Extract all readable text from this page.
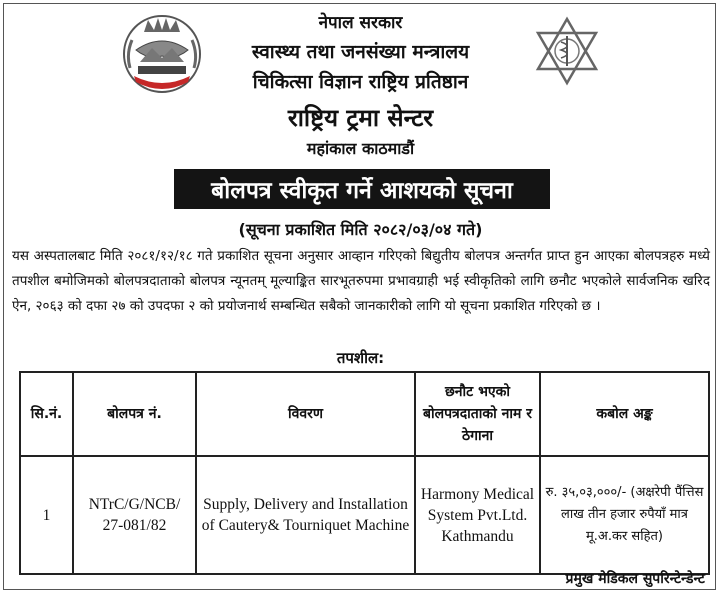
नेपाल सरकार
स्वास्थ्य तथा जनसंख्या मन्त्रालय
चिकित्सा विज्ञान राष्ट्रिय प्रतिष्ठान
राष्ट्रिय ट्रमा सेन्टर
महांकाल काठमाडौं
बोलपत्र स्वीकृत गर्ने आशयको सूचना
(सूचना प्रकाशित मिति २०८२/०३/०४ गते)
यस अस्पतालबाट मिति २०८१/१२/१८ गते प्रकाशित सूचना अनुसार आव्हान गरिएको बिद्युतीय बोलपत्र अन्तर्गत प्राप्त हुन आएका बोलपत्रहरु मध्ये तपशील बमोजिमको बोलपत्रदाताको बोलपत्र न्यूनतम् मूल्याङ्कित सारभूतरुपमा प्रभावग्राही भई स्वीकृतिको लागि छनौट भएकोले सार्वजनिक खरिद ऐन, २०६३ को दफा २७ को उपदफा २ को प्रयोजनार्थ सम्बन्धित सबैको जानकारीको लागि यो सूचना प्रकाशित गरिएको छ ।
तपशील:
सि.नं.	बोलपत्र नं.	विवरण	छनौट भएको बोलपत्रदाताको नाम र ठेगाना	कबोल अङ्क
1	NTrC/G/NCB/ 27-081/82	Supply, Delivery and Installation of Cautery& Tourniquet Machine	Harmony Medical System Pvt.Ltd. Kathmandu	रु. ३५,०३,०००/- (अक्षरेपी पैंत्तिस लाख तीन हजार रुपैयाँ मात्र मू.अ.कर सहित)
प्रमुख मेडिकल सुपरिन्टेन्डेन्ट
